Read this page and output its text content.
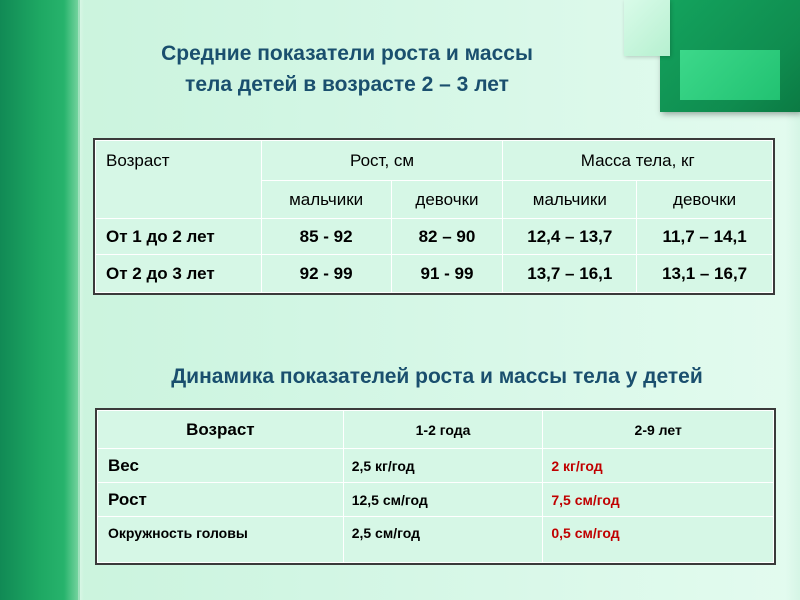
Средние показатели роста и массы
тела детей в возрасте 2 – 3 лет
Возраст	Рост, см		Масса тела, кг	
	мальчики	девочки	мальчики	девочки
От 1 до 2 лет	85 - 92	82 – 90	12,4 – 13,7	11,7 – 14,1
От 2 до 3 лет	92 - 99	91 - 99	13,7 – 16,1	13,1 – 16,7
Динамика показателей роста и массы тела у детей
Возраст	1-2 года	2-9 лет
Вес	2,5 кг/год	2 кг/год
Рост	12,5 см/год	7,5 см/год
Окружность головы	2,5 см/год	0,5 см/год
